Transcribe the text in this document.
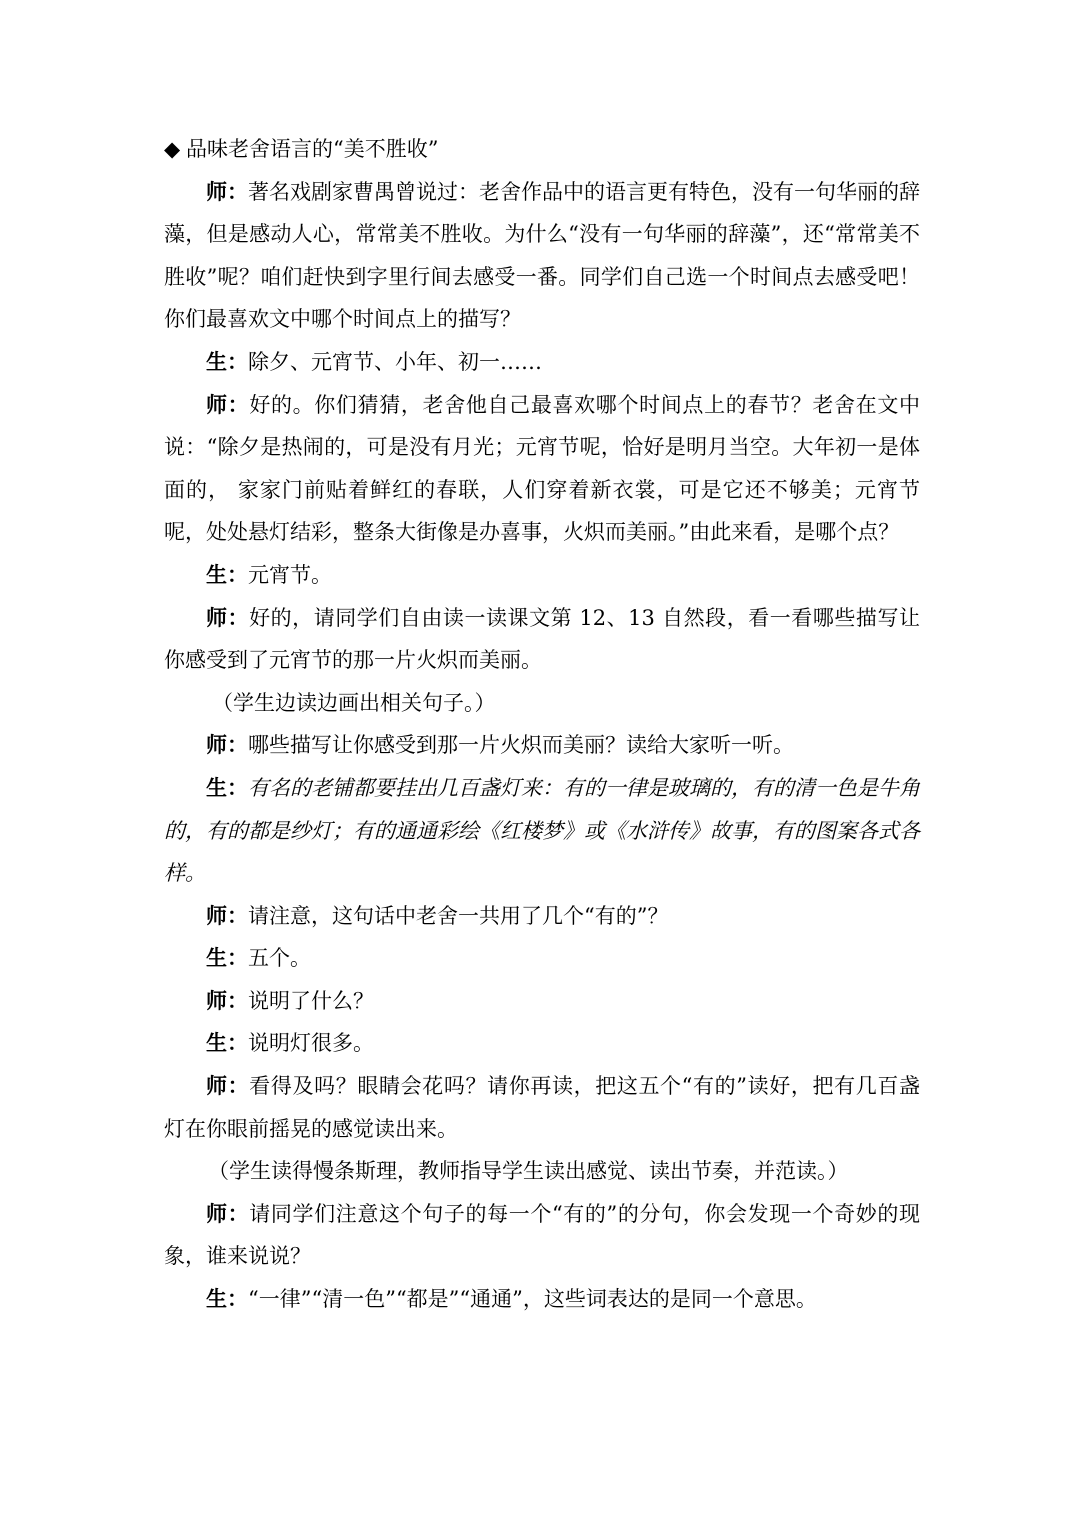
◆ 品味老舍语言的“美不胜收”

师：著名戏剧家曹禺曾说过：老舍作品中的语言更有特色，没有一句华丽的辞藻，但是感动人心，常常美不胜收。为什么“没有一句华丽的辞藻”，还“常常美不胜收”呢？咱们赶快到字里行间去感受一番。同学们自己选一个时间点去感受吧！你们最喜欢文中哪个时间点上的描写？

生：除夕、元宵节、小年、初一……

师：好的。你们猜猜，老舍他自己最喜欢哪个时间点上的春节？老舍在文中说：“除夕是热闹的，可是没有月光；元宵节呢，恰好是明月当空。大年初一是体面的， 家家门前贴着鲜红的春联，人们穿着新衣裳，可是它还不够美；元宵节呢，处处悬灯结彩，整条大街像是办喜事，火炽而美丽。”由此来看，是哪个点？

生：元宵节。

师：好的，请同学们自由读一读课文第 12、13 自然段，看一看哪些描写让你感受到了元宵节的那一片火炽而美丽。

（学生边读边画出相关句子。）

师：哪些描写让你感受到那一片火炽而美丽？读给大家听一听。

生：有名的老铺都要挂出几百盏灯来：有的一律是玻璃的，有的清一色是牛角的，有的都是纱灯；有的通通彩绘《红楼梦》或《水浒传》故事，有的图案各式各样。

师：请注意，这句话中老舍一共用了几个“有的”？

生：五个。

师：说明了什么？

生：说明灯很多。

师：看得及吗？眼睛会花吗？请你再读，把这五个“有的”读好，把有几百盏灯在你眼前摇晃的感觉读出来。

（学生读得慢条斯理，教师指导学生读出感觉、读出节奏，并范读。）

师：请同学们注意这个句子的每一个“有的”的分句，你会发现一个奇妙的现象，谁来说说？

生：“一律”“清一色”“都是”“通通”，这些词表达的是同一个意思。
